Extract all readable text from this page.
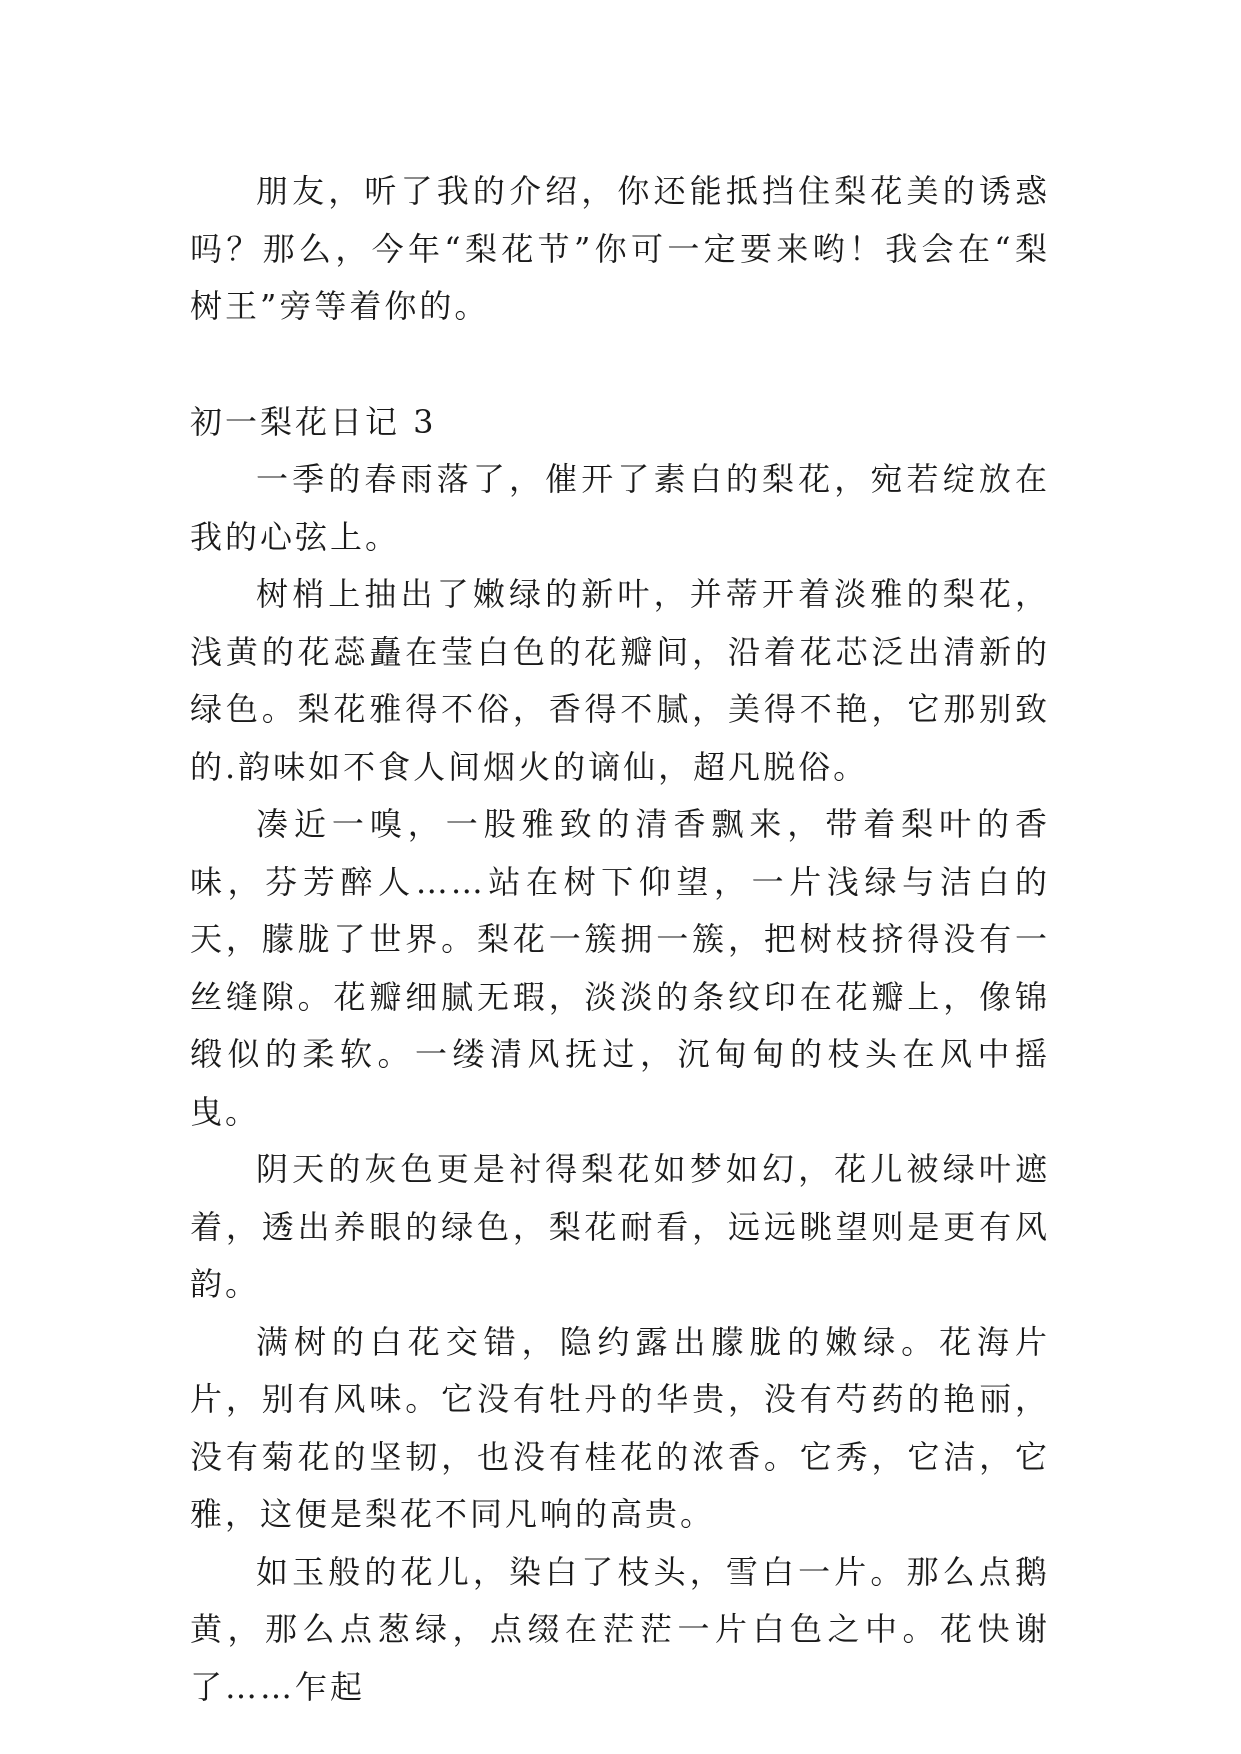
朋友，听了我的介绍，你还能抵挡住梨花美的诱惑吗？那么，今年“梨花节”你可一定要来哟！我会在“梨树王”旁等着你的。

初一梨花日记 3

一季的春雨落了，催开了素白的梨花，宛若绽放在我的心弦上。

树梢上抽出了嫩绿的新叶，并蒂开着淡雅的梨花，浅黄的花蕊矗在莹白色的花瓣间，沿着花芯泛出清新的绿色。梨花雅得不俗，香得不腻，美得不艳，它那别致的.韵味如不食人间烟火的谪仙，超凡脱俗。

凑近一嗅，一股雅致的清香飘来，带着梨叶的香味，芬芳醉人……站在树下仰望，一片浅绿与洁白的天，朦胧了世界。梨花一簇拥一簇，把树枝挤得没有一丝缝隙。花瓣细腻无瑕，淡淡的条纹印在花瓣上，像锦缎似的柔软。一缕清风抚过，沉甸甸的枝头在风中摇曳。

阴天的灰色更是衬得梨花如梦如幻，花儿被绿叶遮着，透出养眼的绿色，梨花耐看，远远眺望则是更有风韵。

满树的白花交错，隐约露出朦胧的嫩绿。花海片片，别有风味。它没有牡丹的华贵，没有芍药的艳丽，没有菊花的坚韧，也没有桂花的浓香。它秀，它洁，它雅，这便是梨花不同凡响的高贵。

如玉般的花儿，染白了枝头，雪白一片。那么点鹅黄，那么点葱绿，点缀在茫茫一片白色之中。花快谢了……乍起
